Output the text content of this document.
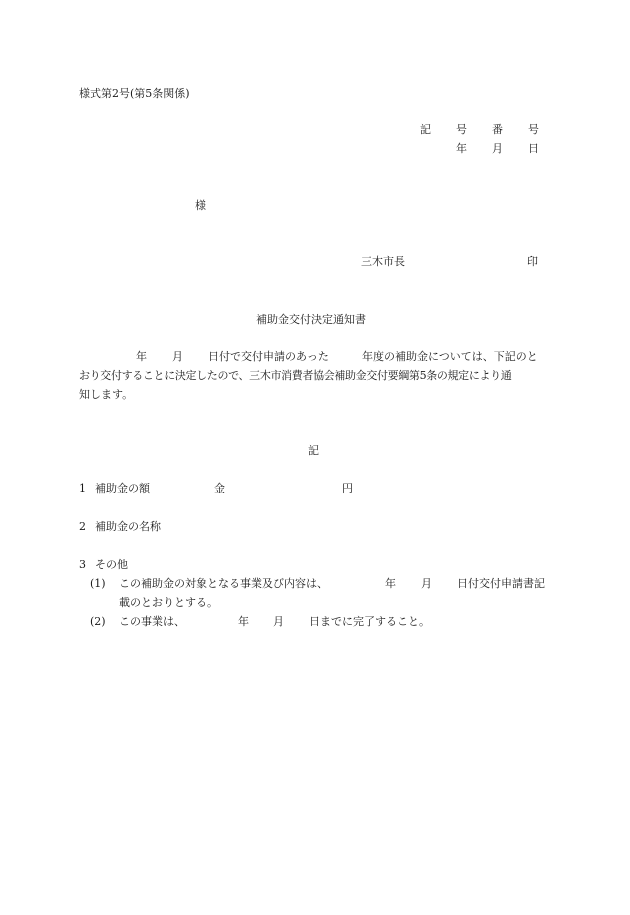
様式第2号(第5条関係)
記 号 番 号
年 月 日
様
三木市長	印
補助金交付決定通知書
年 月 日付で交付申請のあった	年度の補助金については、下記のと
おり交付することに決定したので、三木市消費者協会補助金交付要綱第5条の規定により通
知します。
記
1 補助金の額	金	円
2 補助金の名称
3 その他
(1) この補助金の対象となる事業及び内容は、	年 月 日付交付申請書記
載のとおりとする。
(2) この事業は、	年 月 日までに完了すること。
